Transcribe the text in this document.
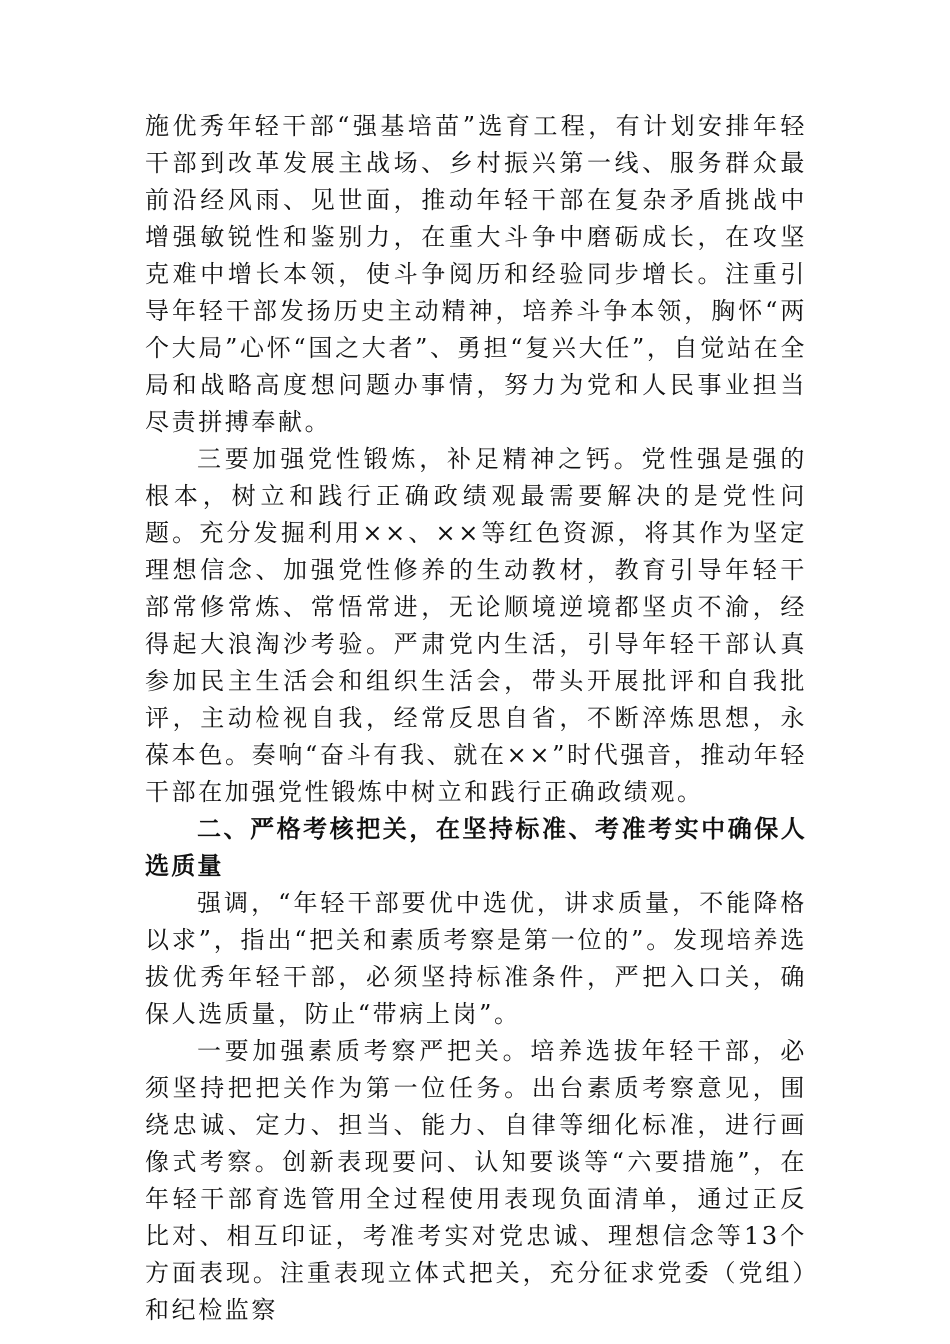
施优秀年轻干部“强基培苗”选育工程，有计划安排年轻干部到改革发展主战场、乡村振兴第一线、服务群众最前沿经风雨、见世面，推动年轻干部在复杂矛盾挑战中增强敏锐性和鉴别力，在重大斗争中磨砺成长，在攻坚克难中增长本领，使斗争阅历和经验同步增长。注重引导年轻干部发扬历史主动精神，培养斗争本领，胸怀“两个大局”心怀“国之大者”、勇担“复兴大任”，自觉站在全局和战略高度想问题办事情，努力为党和人民事业担当尽责拼搏奉献。

三要加强党性锻炼，补足精神之钙。党性强是强的根本，树立和践行正确政绩观最需要解决的是党性问题。充分发掘利用××、××等红色资源，将其作为坚定理想信念、加强党性修养的生动教材，教育引导年轻干部常修常炼、常悟常进，无论顺境逆境都坚贞不渝，经得起大浪淘沙考验。严肃党内生活，引导年轻干部认真参加民主生活会和组织生活会，带头开展批评和自我批评，主动检视自我，经常反思自省，不断淬炼思想，永葆本色。奏响“奋斗有我、就在××”时代强音，推动年轻干部在加强党性锻炼中树立和践行正确政绩观。

二、严格考核把关，在坚持标准、考准考实中确保人选质量

强调，“年轻干部要优中选优，讲求质量，不能降格以求”，指出“把关和素质考察是第一位的”。发现培养选拔优秀年轻干部，必须坚持标准条件，严把入口关，确保人选质量，防止“带病上岗”。

一要加强素质考察严把关。培养选拔年轻干部，必须坚持把把关作为第一位任务。出台素质考察意见，围绕忠诚、定力、担当、能力、自律等细化标准，进行画像式考察。创新表现要问、认知要谈等“六要措施”，在年轻干部育选管用全过程使用表现负面清单，通过正反比对、相互印证，考准考实对党忠诚、理想信念等13个方面表现。注重表现立体式把关，充分征求党委（党组）和纪检监察
